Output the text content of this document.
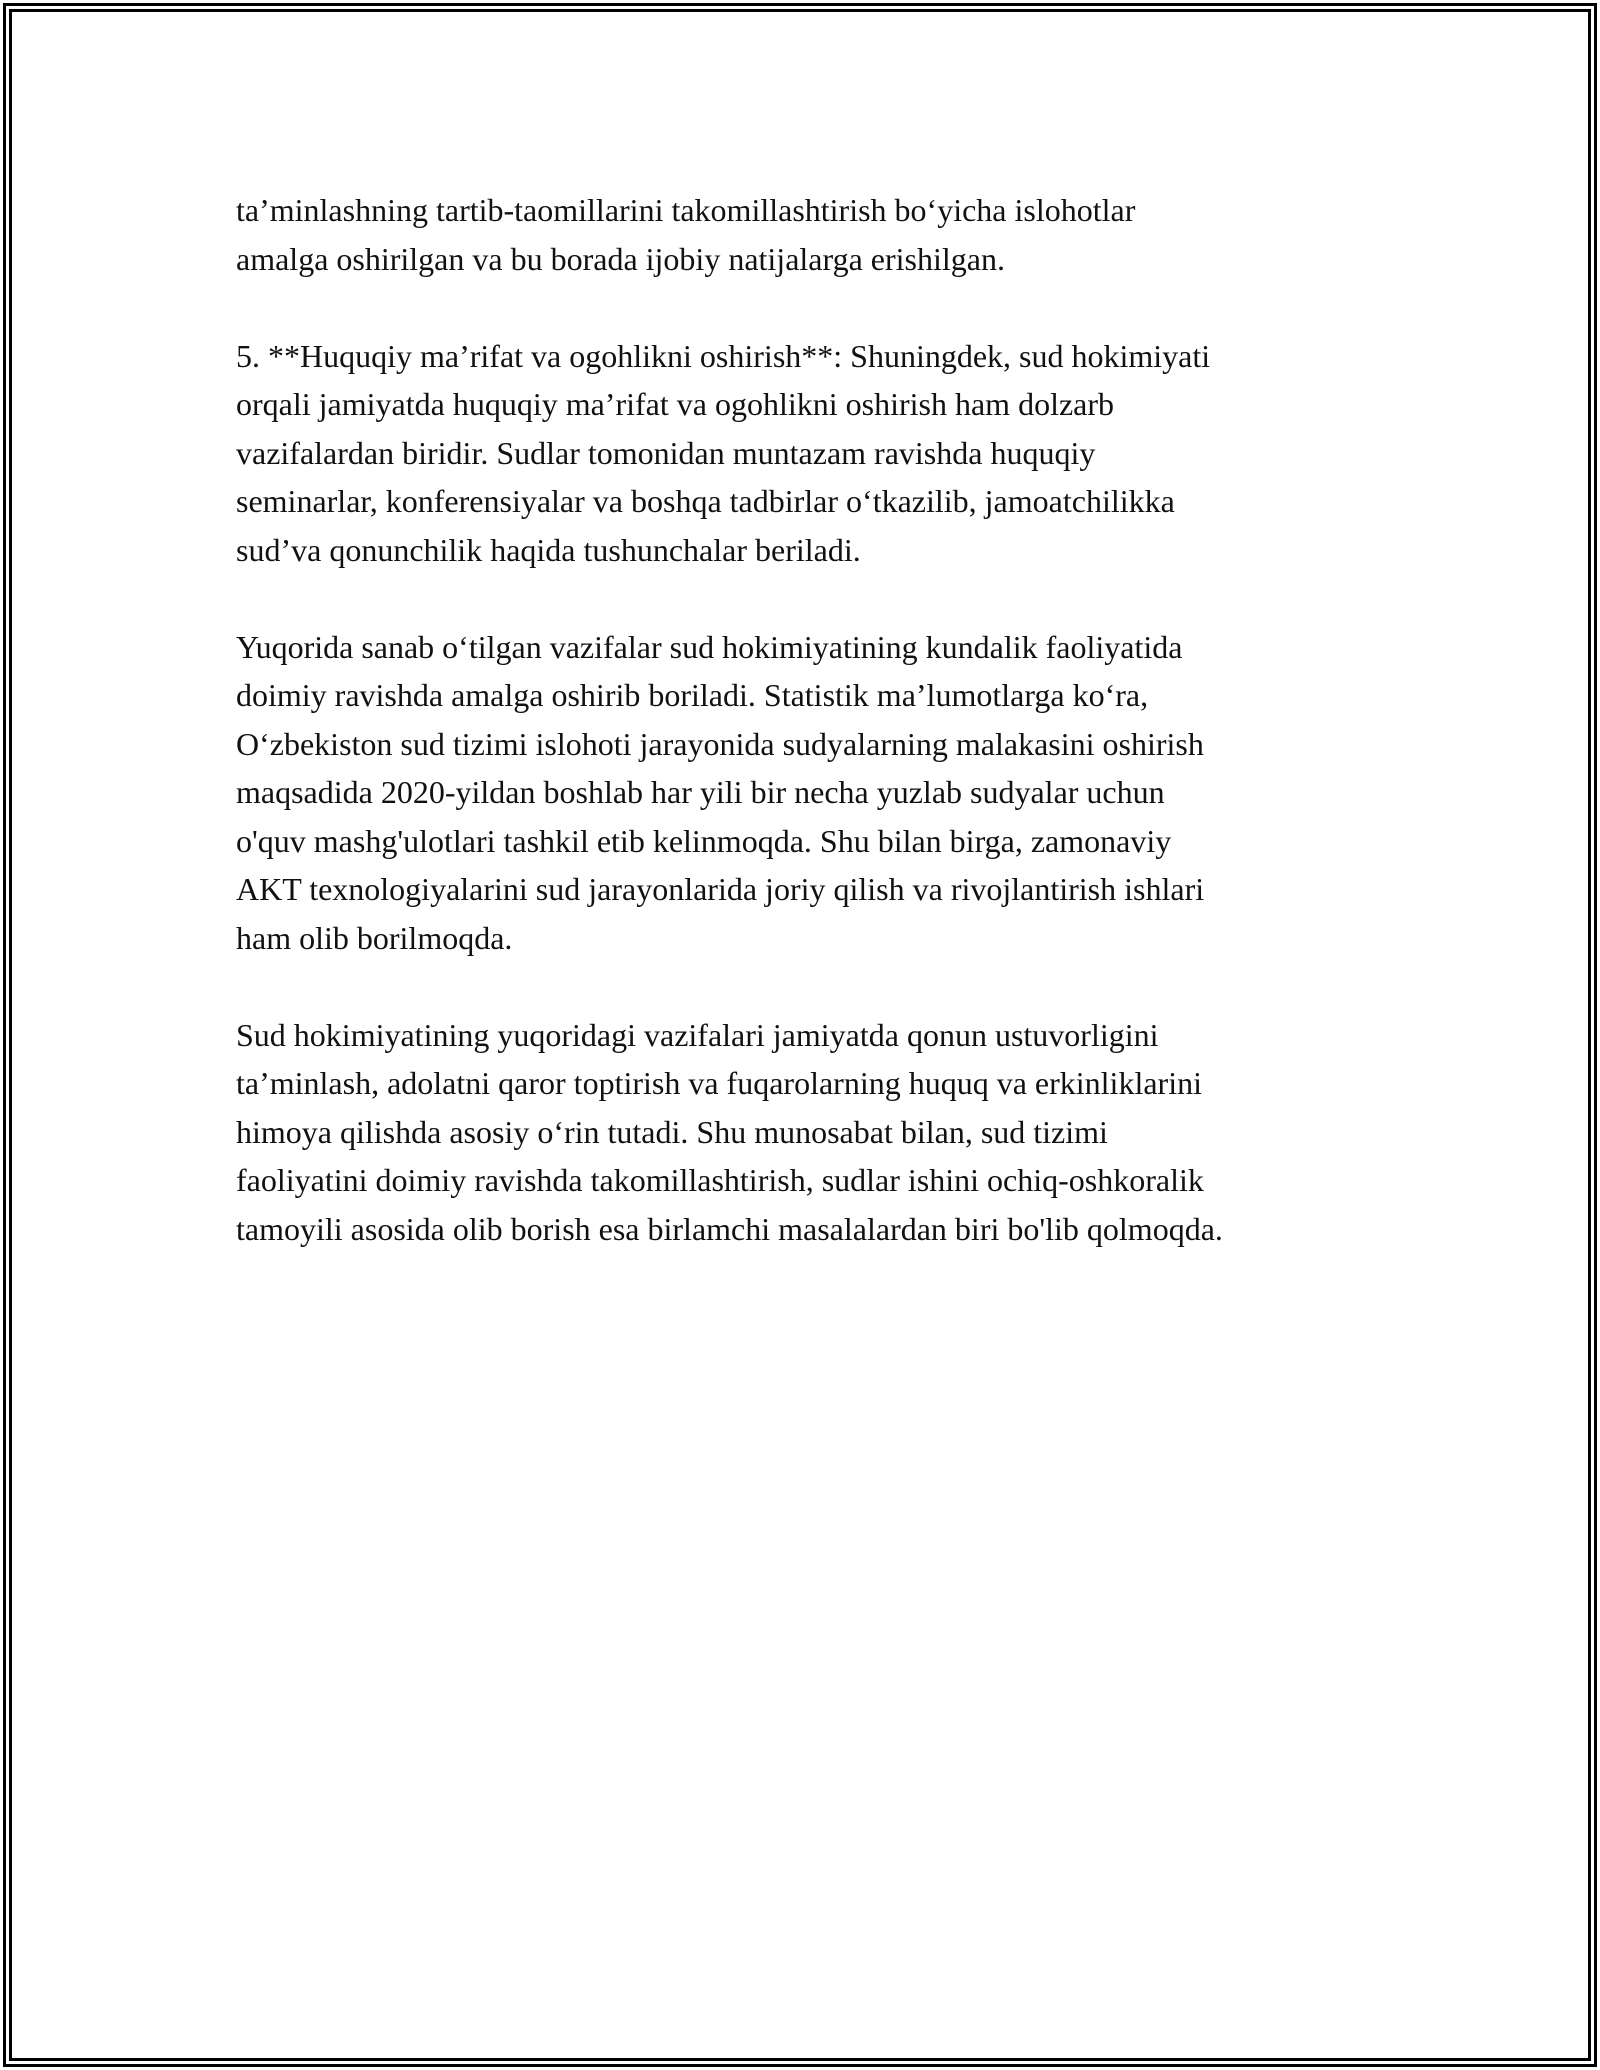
ta’minlashning tartib-taomillarini takomillashtirish bo‘yicha islohotlar
amalga oshirilgan va bu borada ijobiy natijalarga erishilgan.

5. **Huquqiy ma’rifat va ogohlikni oshirish**: Shuningdek, sud hokimiyati
orqali jamiyatda huquqiy ma’rifat va ogohlikni oshirish ham dolzarb
vazifalardan biridir. Sudlar tomonidan muntazam ravishda huquqiy
seminarlar, konferensiyalar va boshqa tadbirlar o‘tkazilib, jamoatchilikka
sud’va qonunchilik haqida tushunchalar beriladi.

Yuqorida sanab o‘tilgan vazifalar sud hokimiyatining kundalik faoliyatida
doimiy ravishda amalga oshirib boriladi. Statistik ma’lumotlarga ko‘ra,
O‘zbekiston sud tizimi islohoti jarayonida sudyalarning malakasini oshirish
maqsadida 2020-yildan boshlab har yili bir necha yuzlab sudyalar uchun
o'quv mashg'ulotlari tashkil etib kelinmoqda. Shu bilan birga, zamonaviy
AKT texnologiyalarini sud jarayonlarida joriy qilish va rivojlantirish ishlari
ham olib borilmoqda.

Sud hokimiyatining yuqoridagi vazifalari jamiyatda qonun ustuvorligini
ta’minlash, adolatni qaror toptirish va fuqarolarning huquq va erkinliklarini
himoya qilishda asosiy o‘rin tutadi. Shu munosabat bilan, sud tizimi
faoliyatini doimiy ravishda takomillashtirish, sudlar ishini ochiq-oshkoralik
tamoyili asosida olib borish esa birlamchi masalalardan biri bo'lib qolmoqda.
